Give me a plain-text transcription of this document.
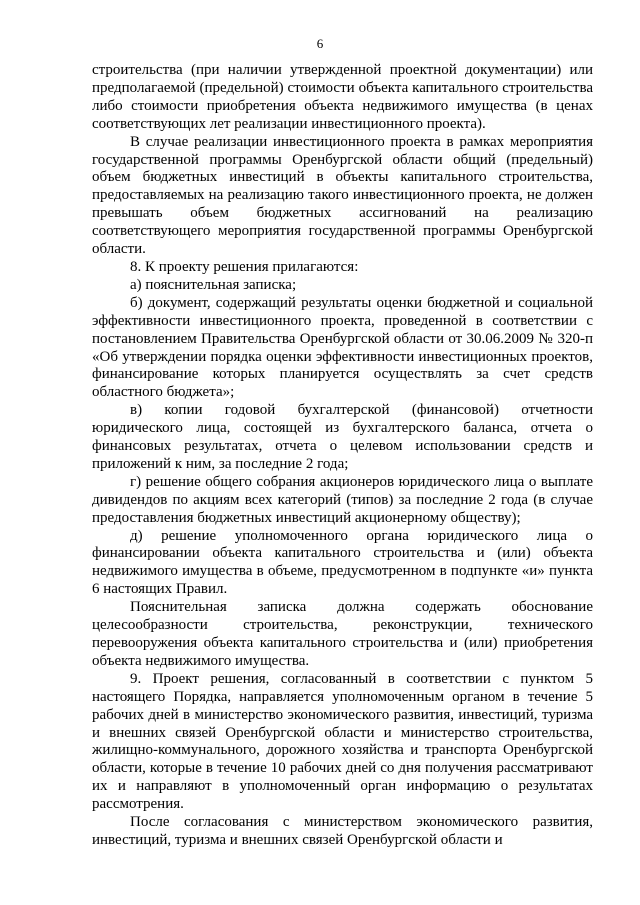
6

строительства (при наличии утвержденной проектной документации) или предполагаемой (предельной) стоимости объекта капитального строительства либо стоимости приобретения объекта недвижимого имущества (в ценах соответствующих лет реализации инвестиционного проекта).

В случае реализации инвестиционного проекта в рамках мероприятия государственной программы Оренбургской области общий (предельный) объем бюджетных инвестиций в объекты капитального строительства, предоставляемых на реализацию такого инвестиционного проекта, не должен превышать объем бюджетных ассигнований на реализацию соответствующего мероприятия государственной программы Оренбургской области.

8. К проекту решения прилагаются:

а) пояснительная записка;

б) документ, содержащий результаты оценки бюджетной и социальной эффективности инвестиционного проекта, проведенной в соответствии с постановлением Правительства Оренбургской области от 30.06.2009 № 320-п «Об утверждении порядка оценки эффективности инвестиционных проектов, финансирование которых планируется осуществлять за счет средств областного бюджета»;

в) копии годовой бухгалтерской (финансовой) отчетности юридического лица, состоящей из бухгалтерского баланса, отчета о финансовых результатах, отчета о целевом использовании средств и приложений к ним, за последние 2 года;

г) решение общего собрания акционеров юридического лица о выплате дивидендов по акциям всех категорий (типов) за последние 2 года (в случае предоставления бюджетных инвестиций акционерному обществу);

д) решение уполномоченного органа юридического лица о финансировании объекта капитального строительства и (или) объекта недвижимого имущества в объеме, предусмотренном в подпункте «и» пункта 6 настоящих Правил.

Пояснительная записка должна содержать обоснование целесообразности строительства, реконструкции, технического перевооружения объекта капитального строительства и (или) приобретения объекта недвижимого имущества.

9. Проект решения, согласованный в соответствии с пунктом 5 настоящего Порядка, направляется уполномоченным органом в течение 5 рабочих дней в министерство экономического развития, инвестиций, туризма и внешних связей Оренбургской области и министерство строительства, жилищно-коммунального, дорожного хозяйства и транспорта Оренбургской области, которые в течение 10 рабочих дней со дня получения рассматривают их и направляют в уполномоченный орган информацию о результатах рассмотрения.

После согласования с министерством экономического развития, инвестиций, туризма и внешних связей Оренбургской области и
